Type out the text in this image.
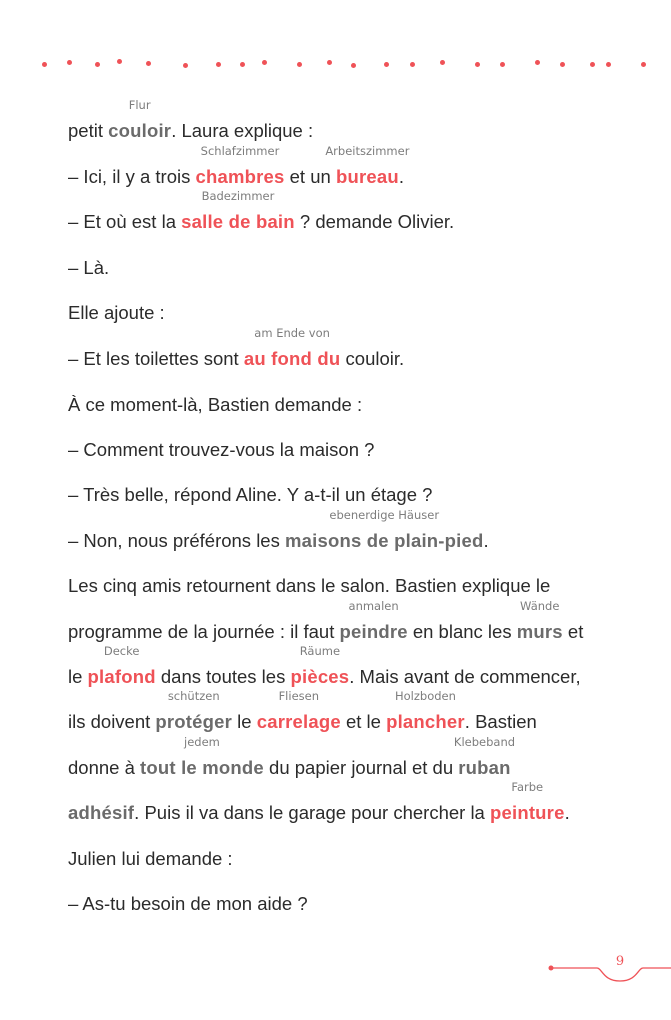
petit couloir
Flur
. Laura explique :
– Ici, il y a trois chambres
Schlafzimmer
et un bureau
Arbeitszimmer
.
– Et où est la salle de bain
Badezimmer
? demande Olivier.
– Là.
Elle ajoute :
– Et les toilettes sont au fond du
am Ende von
couloir.
À ce moment-là, Bastien demande :
– Comment trouvez-vous la maison ?
– Très belle, répond Aline. Y a-t-il un étage ?
– Non, nous préférons les maisons de plain-pied
ebenerdige Häuser
.
Les cinq amis retournent dans le salon. Bastien explique le
programme de la journée : il faut peindre
anmalen
en blanc les murs
Wände
et
le plafond
Decke
dans toutes les pièces
Räume
. Mais avant de commencer,
ils doivent protéger
schützen
le carrelage
Fliesen
et le plancher
Holzboden
. Bastien
donne à tout le monde
jedem
du papier journal et du ruban
Klebeband
adhésif. Puis il va dans le garage pour chercher la peinture
Farbe
.
Julien lui demande :
– As-tu besoin de mon aide ?
9
